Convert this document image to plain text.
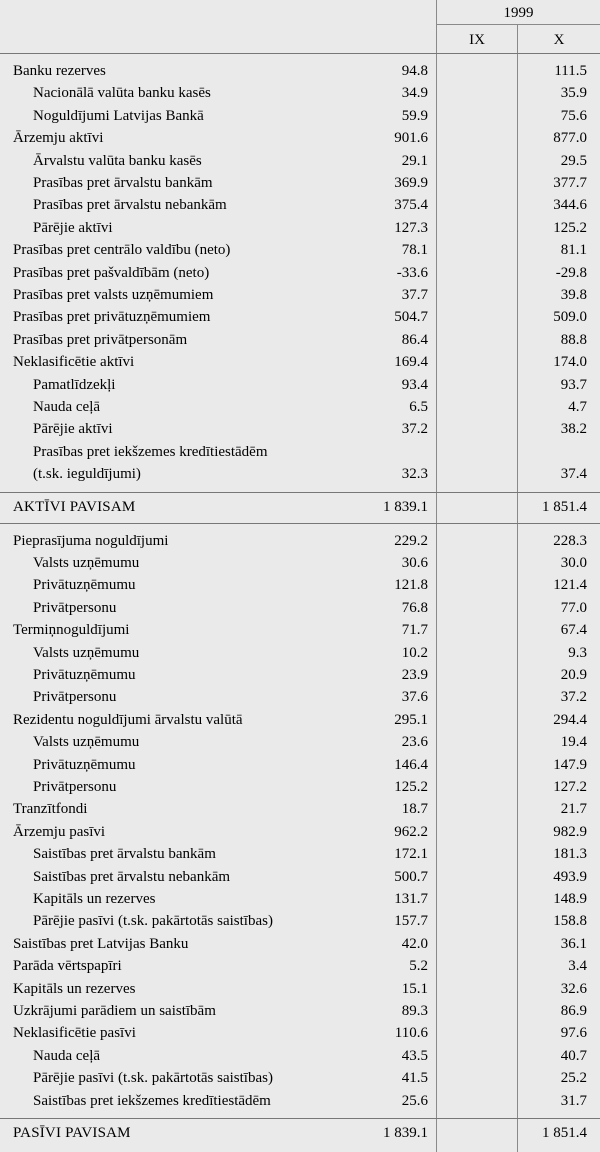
1999
IX	X
Banku rezerves	94.8	111.5
Nacionālā valūta banku kasēs	34.9	35.9
Noguldījumi Latvijas Bankā	59.9	75.6
Ārzemju aktīvi	901.6	877.0
Ārvalstu valūta banku kasēs	29.1	29.5
Prasības pret ārvalstu bankām	369.9	377.7
Prasības pret ārvalstu nebankām	375.4	344.6
Pārējie aktīvi	127.3	125.2
Prasības pret centrālo valdību (neto)	78.1	81.1
Prasības pret pašvaldībām (neto)	-33.6	-29.8
Prasības pret valsts uzņēmumiem	37.7	39.8
Prasības pret privātuzņēmumiem	504.7	509.0
Prasības pret privātpersonām	86.4	88.8
Neklasificētie aktīvi	169.4	174.0
Pamatlīdzekļi	93.4	93.7
Nauda ceļā	6.5	4.7
Pārējie aktīvi	37.2	38.2
Prasības pret iekšzemes kredītiestādēm
(t.sk. ieguldījumi)	32.3	37.4
AKTĪVI PAVISAM	1 839.1	1 851.4
Pieprasījuma noguldījumi	229.2	228.3
Valsts uzņēmumu	30.6	30.0
Privātuzņēmumu	121.8	121.4
Privātpersonu	76.8	77.0
Termiņnoguldījumi	71.7	67.4
Valsts uzņēmumu	10.2	9.3
Privātuzņēmumu	23.9	20.9
Privātpersonu	37.6	37.2
Rezidentu noguldījumi ārvalstu valūtā	295.1	294.4
Valsts uzņēmumu	23.6	19.4
Privātuzņēmumu	146.4	147.9
Privātpersonu	125.2	127.2
Tranzītfondi	18.7	21.7
Ārzemju pasīvi	962.2	982.9
Saistības pret ārvalstu bankām	172.1	181.3
Saistības pret ārvalstu nebankām	500.7	493.9
Kapitāls un rezerves	131.7	148.9
Pārējie pasīvi (t.sk. pakārtotās saistības)	157.7	158.8
Saistības pret Latvijas Banku	42.0	36.1
Parāda vērtspapīri	5.2	3.4
Kapitāls un rezerves	15.1	32.6
Uzkrājumi parādiem un saistībām	89.3	86.9
Neklasificētie pasīvi	110.6	97.6
Nauda ceļā	43.5	40.7
Pārējie pasīvi (t.sk. pakārtotās saistības)	41.5	25.2
Saistības pret iekšzemes kredītiestādēm	25.6	31.7
PASĪVI PAVISAM	1 839.1	1 851.4
